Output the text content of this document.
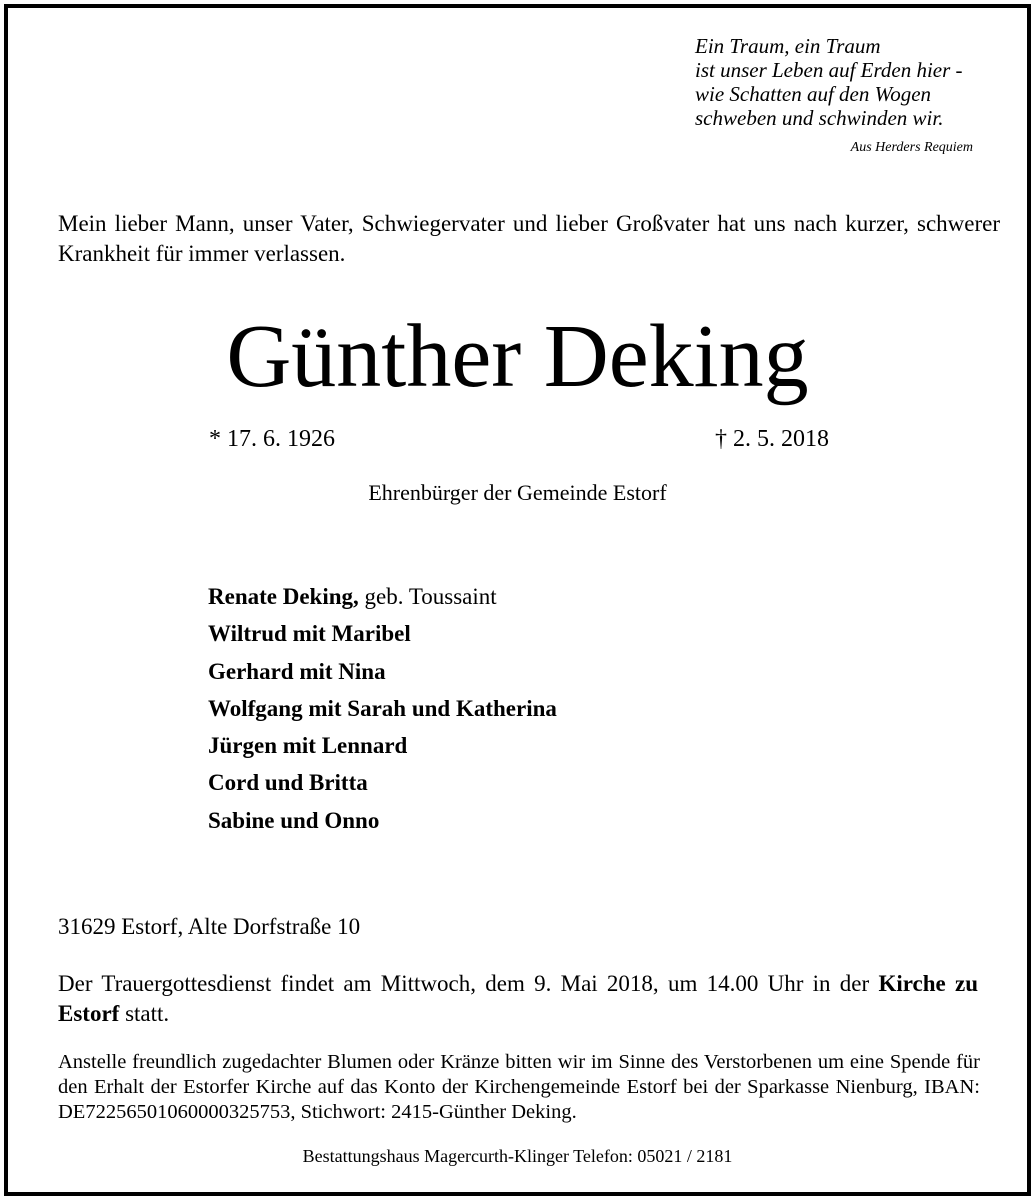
Ein Traum, ein Traum
ist unser Leben auf Erden hier -
wie Schatten auf den Wogen
schweben und schwinden wir.
Aus Herders Requiem
Mein lieber Mann, unser Vater, Schwiegervater und lieber Großvater hat uns nach kurzer, schwerer Krankheit für immer verlassen.
Günther Deking
* 17. 6. 1926	† 2. 5. 2018
Ehrenbürger der Gemeinde Estorf
Renate Deking, geb. Toussaint
Wiltrud mit Maribel
Gerhard mit Nina
Wolfgang mit Sarah und Katherina
Jürgen mit Lennard
Cord und Britta
Sabine und Onno
31629 Estorf, Alte Dorfstraße 10
Der Trauergottesdienst findet am Mittwoch, dem 9. Mai 2018, um 14.00 Uhr in der Kirche zu Estorf statt.
Anstelle freundlich zugedachter Blumen oder Kränze bitten wir im Sinne des Verstorbenen um eine Spende für den Erhalt der Estorfer Kirche auf das Konto der Kirchengemeinde Estorf bei der Sparkasse Nienburg, IBAN: DE72256501060000325753, Stichwort: 2415-Günther Deking.
Bestattungshaus Magercurth-Klinger Telefon: 05021 / 2181
